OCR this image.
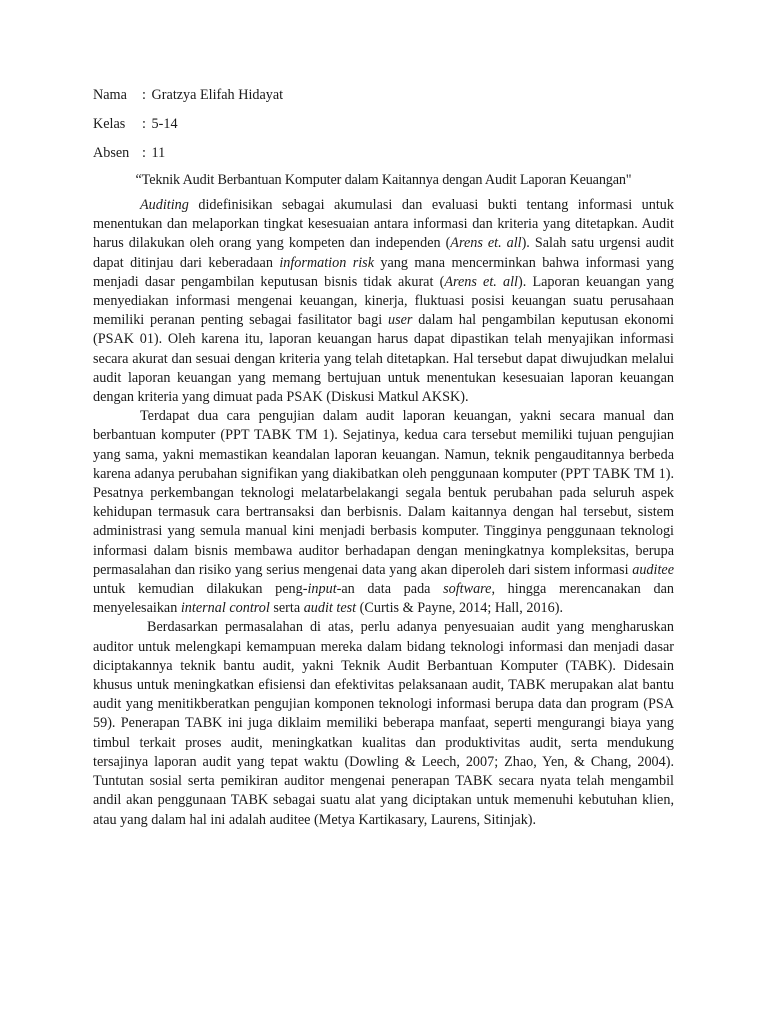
Nama : Gratzya Elifah Hidayat
Kelas : 5-14
Absen : 11
“Teknik Audit Berbantuan Komputer dalam Kaitannya dengan Audit Laporan Keuangan"

Auditing didefinisikan sebagai akumulasi dan evaluasi bukti tentang informasi untuk menentukan dan melaporkan tingkat kesesuaian antara informasi dan kriteria yang ditetapkan. Audit harus dilakukan oleh orang yang kompeten dan independen (Arens et. all). Salah satu urgensi audit dapat ditinjau dari keberadaan information risk yang mana mencerminkan bahwa informasi yang menjadi dasar pengambilan keputusan bisnis tidak akurat (Arens et. all). Laporan keuangan yang menyediakan informasi mengenai keuangan, kinerja, fluktuasi posisi keuangan suatu perusahaan memiliki peranan penting sebagai fasilitator bagi user dalam hal pengambilan keputusan ekonomi (PSAK 01). Oleh karena itu, laporan keuangan harus dapat dipastikan telah menyajikan informasi secara akurat dan sesuai dengan kriteria yang telah ditetapkan. Hal tersebut dapat diwujudkan melalui audit laporan keuangan yang memang bertujuan untuk menentukan kesesuaian laporan keuangan dengan kriteria yang dimuat pada PSAK (Diskusi Matkul AKSK).

Terdapat dua cara pengujian dalam audit laporan keuangan, yakni secara manual dan berbantuan komputer (PPT TABK TM 1). Sejatinya, kedua cara tersebut memiliki tujuan pengujian yang sama, yakni memastikan keandalan laporan keuangan. Namun, teknik pengauditannya berbeda karena adanya perubahan signifikan yang diakibatkan oleh penggunaan komputer (PPT TABK TM 1). Pesatnya perkembangan teknologi melatarbelakangi segala bentuk perubahan pada seluruh aspek kehidupan termasuk cara bertransaksi dan berbisnis. Dalam kaitannya dengan hal tersebut, sistem administrasi yang semula manual kini menjadi berbasis komputer. Tingginya penggunaan teknologi informasi dalam bisnis membawa auditor berhadapan dengan meningkatnya kompleksitas, berupa permasalahan dan risiko yang serius mengenai data yang akan diperoleh dari sistem informasi auditee untuk kemudian dilakukan peng-input-an data pada software, hingga merencanakan dan menyelesaikan internal control serta audit test (Curtis & Payne, 2014; Hall, 2016).

Berdasarkan permasalahan di atas, perlu adanya penyesuaian audit yang mengharuskan auditor untuk melengkapi kemampuan mereka dalam bidang teknologi informasi dan menjadi dasar diciptakannya teknik bantu audit, yakni Teknik Audit Berbantuan Komputer (TABK). Didesain khusus untuk meningkatkan efisiensi dan efektivitas pelaksanaan audit, TABK merupakan alat bantu audit yang menitikberatkan pengujian komponen teknologi informasi berupa data dan program (PSA 59). Penerapan TABK ini juga diklaim memiliki beberapa manfaat, seperti mengurangi biaya yang timbul terkait proses audit, meningkatkan kualitas dan produktivitas audit, serta mendukung tersajinya laporan audit yang tepat waktu (Dowling & Leech, 2007; Zhao, Yen, & Chang, 2004). Tuntutan sosial serta pemikiran auditor mengenai penerapan TABK secara nyata telah mengambil andil akan penggunaan TABK sebagai suatu alat yang diciptakan untuk memenuhi kebutuhan klien, atau yang dalam hal ini adalah auditee (Metya Kartikasary, Laurens, Sitinjak).
